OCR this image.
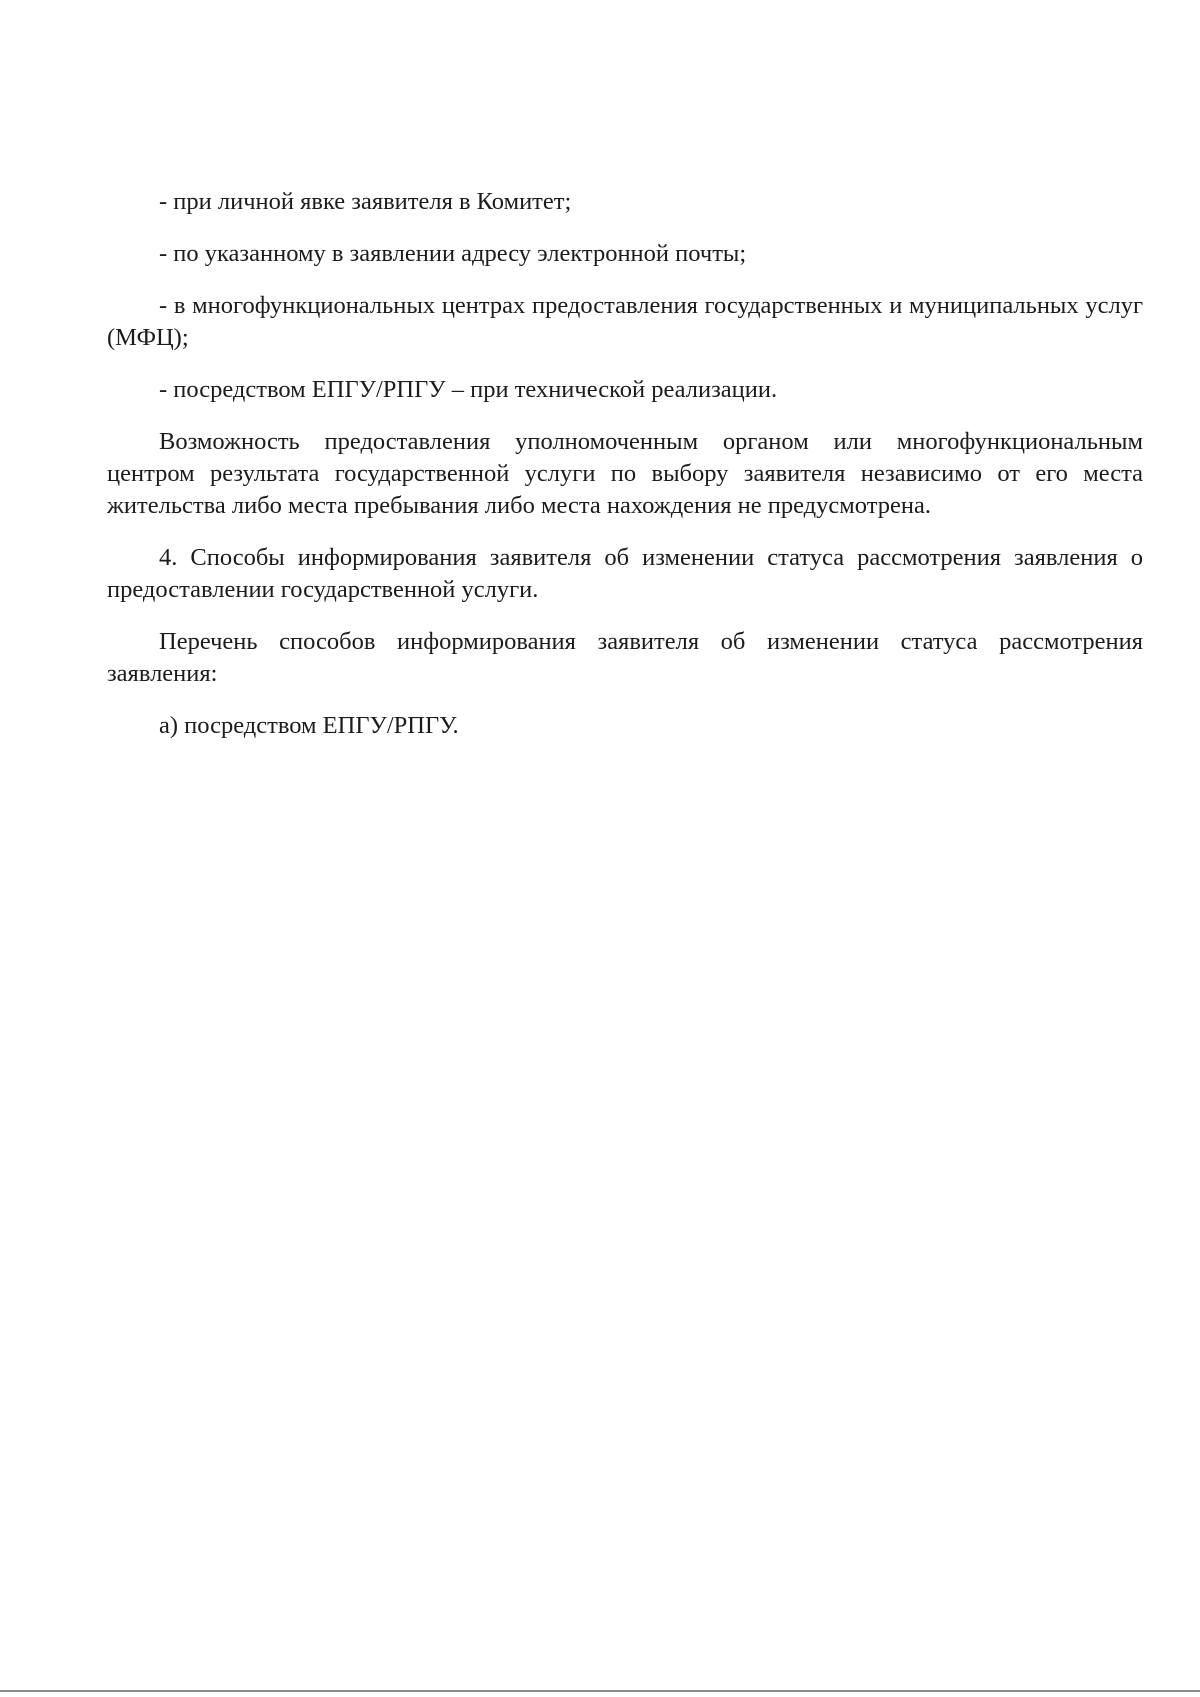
- при личной явке заявителя в Комитет;

- по указанному в заявлении адресу электронной почты;

- в многофункциональных центрах предоставления государственных и муниципальных услуг (МФЦ);

- посредством ЕПГУ/РПГУ – при технической реализации.

Возможность предоставления уполномоченным органом или многофункциональным центром результата государственной услуги по выбору заявителя независимо от его места жительства либо места пребывания либо места нахождения не предусмотрена.

4. Способы информирования заявителя об изменении статуса рассмотрения заявления о предоставлении государственной услуги.

Перечень способов информирования заявителя об изменении статуса рассмотрения заявления:

а) посредством ЕПГУ/РПГУ.
